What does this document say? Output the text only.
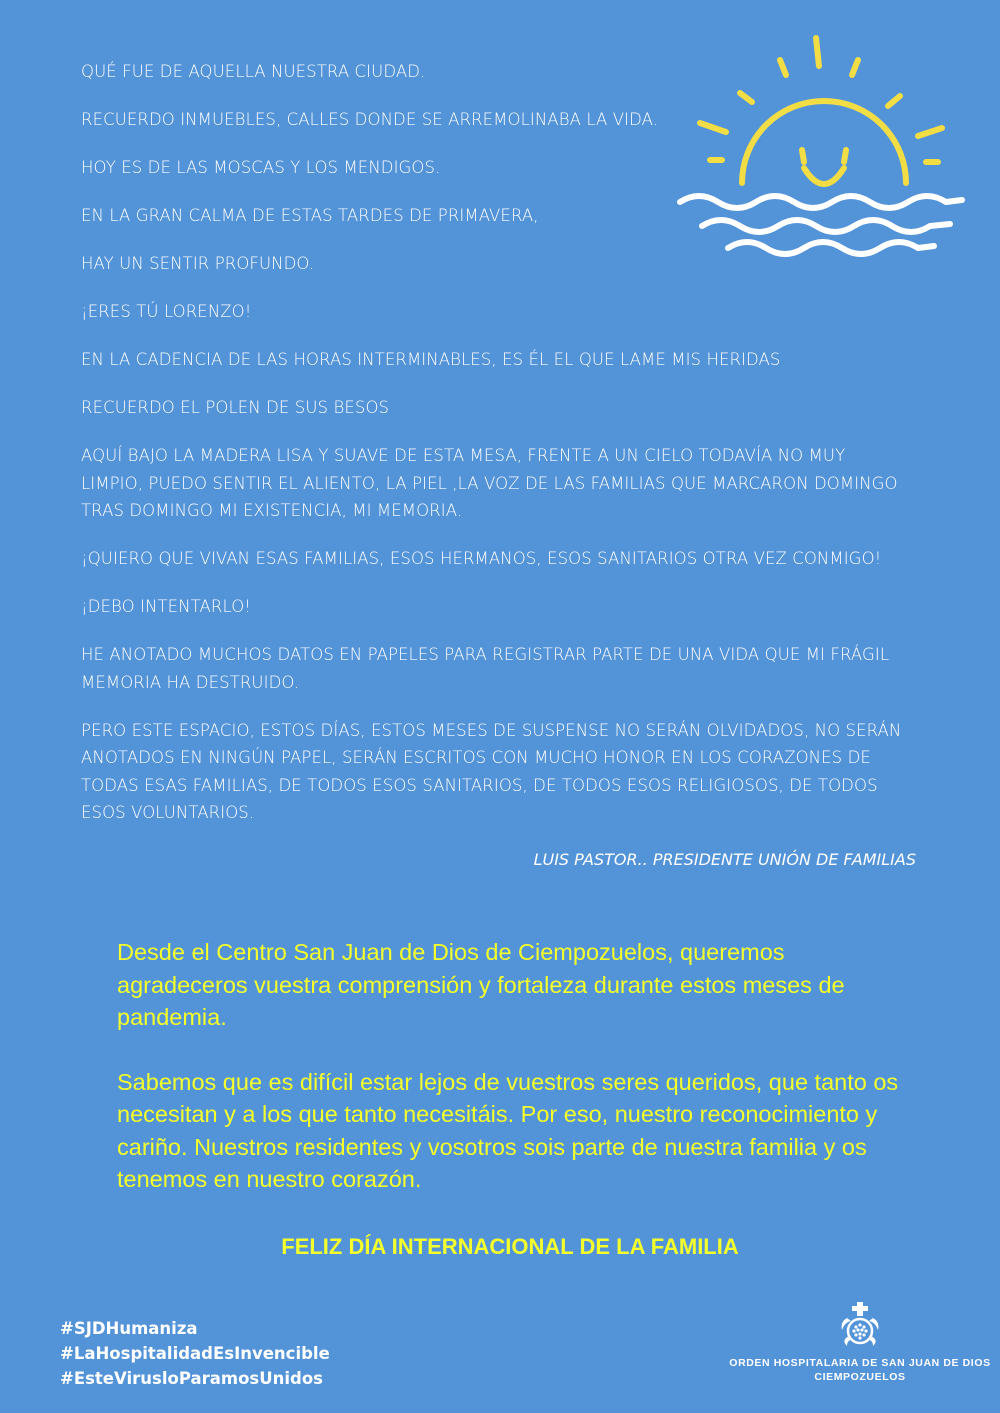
QUÉ FUE DE AQUELLA NUESTRA CIUDAD.

RECUERDO INMUEBLES, CALLES DONDE SE ARREMOLINABA LA VIDA.

HOY ES DE LAS MOSCAS Y LOS MENDIGOS.

EN LA GRAN CALMA DE ESTAS TARDES DE PRIMAVERA,

HAY UN SENTIR PROFUNDO.

¡ERES TÚ LORENZO!

EN LA CADENCIA DE LAS HORAS INTERMINABLES, ES ÉL EL QUE LAME MIS HERIDAS

RECUERDO EL POLEN DE SUS BESOS

AQUÍ BAJO LA MADERA LISA Y SUAVE DE ESTA MESA, FRENTE A UN CIELO TODAVÍA NO MUY LIMPIO, PUEDO SENTIR EL ALIENTO, LA PIEL ,LA VOZ DE LAS FAMILIAS QUE MARCARON DOMINGO TRAS DOMINGO MI EXISTENCIA, MI MEMORIA.

¡QUIERO QUE VIVAN ESAS FAMILIAS, ESOS HERMANOS, ESOS SANITARIOS OTRA VEZ CONMIGO!

¡DEBO INTENTARLO!

HE ANOTADO MUCHOS DATOS EN PAPELES PARA REGISTRAR PARTE DE UNA VIDA QUE MI FRÁGIL MEMORIA HA DESTRUIDO.

PERO ESTE ESPACIO, ESTOS DÍAS, ESTOS MESES DE SUSPENSE NO SERÁN OLVIDADOS, NO SERÁN ANOTADOS EN NINGÚN PAPEL, SERÁN ESCRITOS CON MUCHO HONOR EN LOS CORAZONES DE TODAS ESAS FAMILIAS, DE TODOS ESOS SANITARIOS, DE TODOS ESOS RELIGIOSOS, DE TODOS ESOS VOLUNTARIOS.

LUIS PASTOR.. PRESIDENTE UNIÓN DE FAMILIAS

Desde el Centro San Juan de Dios de Ciempozuelos, queremos agradeceros vuestra comprensión y fortaleza durante estos meses de pandemia.

Sabemos que es difícil estar lejos de vuestros seres queridos, que tanto os necesitan y a los que tanto necesitáis. Por eso, nuestro reconocimiento y cariño. Nuestros residentes y vosotros sois parte de nuestra familia y os tenemos en nuestro corazón.

FELIZ DÍA INTERNACIONAL DE LA FAMILIA

#SJDHumaniza
#LaHospitalidadEsInvencible
#EsteVirusloParamosUnidos
ORDEN HOSPITALARIA DE SAN JUAN DE DIOS
CIEMPOZUELOS
